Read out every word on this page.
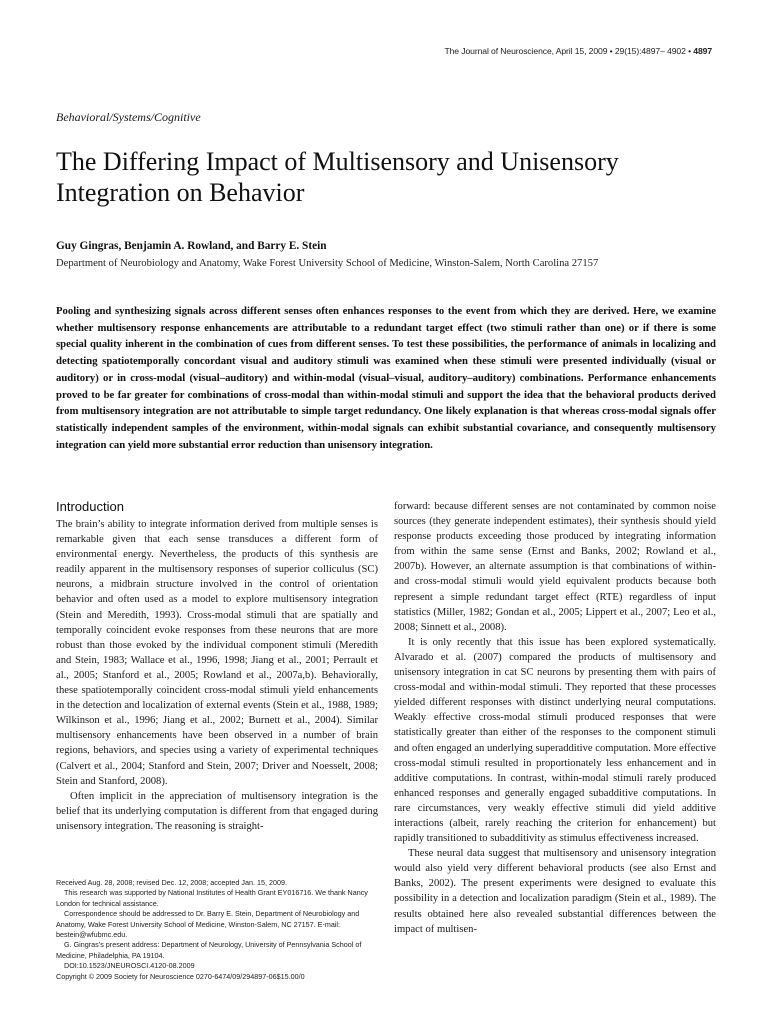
The Journal of Neuroscience, April 15, 2009 • 29(15):4897– 4902 • 4897
Behavioral/Systems/Cognitive
The Differing Impact of Multisensory and Unisensory Integration on Behavior
Guy Gingras, Benjamin A. Rowland, and Barry E. Stein
Department of Neurobiology and Anatomy, Wake Forest University School of Medicine, Winston-Salem, North Carolina 27157

Pooling and synthesizing signals across different senses often enhances responses to the event from which they are derived. Here, we examine whether multisensory response enhancements are attributable to a redundant target effect (two stimuli rather than one) or if there is some special quality inherent in the combination of cues from different senses. To test these possibilities, the performance of animals in localizing and detecting spatiotemporally concordant visual and auditory stimuli was examined when these stimuli were presented individually (visual or auditory) or in cross-modal (visual–auditory) and within-modal (visual–visual, auditory–auditory) combinations. Performance enhancements proved to be far greater for combinations of cross-modal than within-modal stimuli and support the idea that the behavioral products derived from multisensory integration are not attributable to simple target redundancy. One likely explanation is that whereas cross-modal signals offer statistically independent samples of the environment, within-modal signals can exhibit substantial covariance, and consequently multisensory integration can yield more substantial error reduction than unisensory integration.

Introduction

The brain’s ability to integrate information derived from multiple senses is remarkable given that each sense transduces a different form of environmental energy. Nevertheless, the products of this synthesis are readily apparent in the multisensory responses of superior colliculus (SC) neurons, a midbrain structure involved in the control of orientation behavior and often used as a model to explore multisensory integration (Stein and Meredith, 1993). Cross-modal stimuli that are spatially and temporally coincident evoke responses from these neurons that are more robust than those evoked by the individual component stimuli (Meredith and Stein, 1983; Wallace et al., 1996, 1998; Jiang et al., 2001; Perrault et al., 2005; Stanford et al., 2005; Rowland et al., 2007a,b). Behaviorally, these spatiotemporally coincident cross-modal stimuli yield enhancements in the detection and localization of external events (Stein et al., 1988, 1989; Wilkinson et al., 1996; Jiang et al., 2002; Burnett et al., 2004). Similar multisensory enhancements have been observed in a number of brain regions, behaviors, and species using a variety of experimental techniques (Calvert et al., 2004; Stanford and Stein, 2007; Driver and Noesselt, 2008; Stein and Stanford, 2008).

Often implicit in the appreciation of multisensory integration is the belief that its underlying computation is different from that engaged during unisensory integration. The reasoning is straight-

forward: because different senses are not contaminated by common noise sources (they generate independent estimates), their synthesis should yield response products exceeding those produced by integrating information from within the same sense (Ernst and Banks, 2002; Rowland et al., 2007b). However, an alternate assumption is that combinations of within- and cross-modal stimuli would yield equivalent products because both represent a simple redundant target effect (RTE) regardless of input statistics (Miller, 1982; Gondan et al., 2005; Lippert et al., 2007; Leo et al., 2008; Sinnett et al., 2008).

It is only recently that this issue has been explored systematically. Alvarado et al. (2007) compared the products of multisensory and unisensory integration in cat SC neurons by presenting them with pairs of cross-modal and within-modal stimuli. They reported that these processes yielded different responses with distinct underlying neural computations. Weakly effective cross-modal stimuli produced responses that were statistically greater than either of the responses to the component stimuli and often engaged an underlying superadditive computation. More effective cross-modal stimuli resulted in proportionately less enhancement and in additive computations. In contrast, within-modal stimuli rarely produced enhanced responses and generally engaged subadditive computations. In rare circumstances, very weakly effective stimuli did yield additive interactions (albeit, rarely reaching the criterion for enhancement) but rapidly transitioned to subadditivity as stimulus effectiveness increased.

These neural data suggest that multisensory and unisensory integration would also yield very different behavioral products (see also Ernst and Banks, 2002). The present experiments were designed to evaluate this possibility in a detection and localization paradigm (Stein et al., 1989). The results obtained here also revealed substantial differences between the impact of multisen-

Received Aug. 28, 2008; revised Dec. 12, 2008; accepted Jan. 15, 2009.

This research was supported by National Institutes of Health Grant EY016716. We thank Nancy London for technical assistance.

Correspondence should be addressed to Dr. Barry E. Stein, Department of Neurobiology and Anatomy, Wake Forest University School of Medicine, Winston-Salem, NC 27157. E-mail: bestein@wfubmc.edu.

G. Gingras’s present address: Department of Neurology, University of Pennsylvania School of Medicine, Philadelphia, PA 19104.

DOI:10.1523/JNEUROSCI.4120-08.2009

Copyright © 2009 Society for Neuroscience 0270-6474/09/294897-06$15.00/0
